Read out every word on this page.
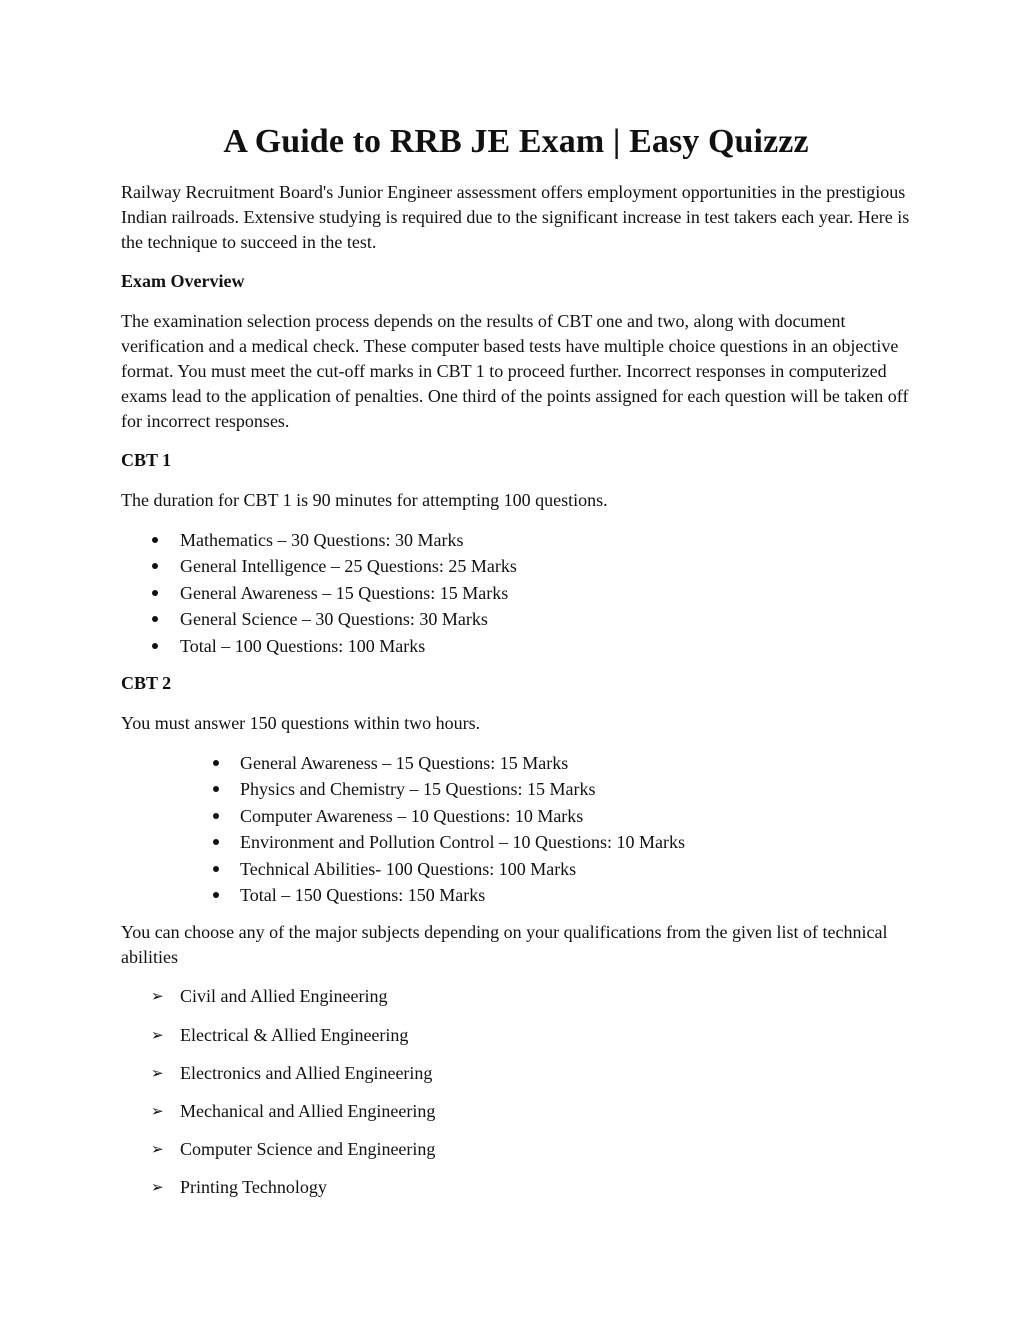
A Guide to RRB JE Exam | Easy Quizzz

Railway Recruitment Board's Junior Engineer assessment offers employment opportunities in the prestigious Indian railroads. Extensive studying is required due to the significant increase in test takers each year. Here is the technique to succeed in the test.

Exam Overview

The examination selection process depends on the results of CBT one and two, along with document verification and a medical check. These computer based tests have multiple choice questions in an objective format. You must meet the cut-off marks in CBT 1 to proceed further. Incorrect responses in computerized exams lead to the application of penalties. One third of the points assigned for each question will be taken off for incorrect responses.

CBT 1

The duration for CBT 1 is 90 minutes for attempting 100 questions.

Mathematics – 30 Questions: 30 Marks
General Intelligence – 25 Questions: 25 Marks
General Awareness – 15 Questions: 15 Marks
General Science – 30 Questions: 30 Marks
Total – 100 Questions: 100 Marks

CBT 2

You must answer 150 questions within two hours.

General Awareness – 15 Questions: 15 Marks
Physics and Chemistry – 15 Questions: 15 Marks
Computer Awareness – 10 Questions: 10 Marks
Environment and Pollution Control – 10 Questions: 10 Marks
Technical Abilities- 100 Questions: 100 Marks
Total – 150 Questions: 150 Marks

You can choose any of the major subjects depending on your qualifications from the given list of technical abilities

➢ Civil and Allied Engineering
➢ Electrical & Allied Engineering
➢ Electronics and Allied Engineering
➢ Mechanical and Allied Engineering
➢ Computer Science and Engineering
➢ Printing Technology
